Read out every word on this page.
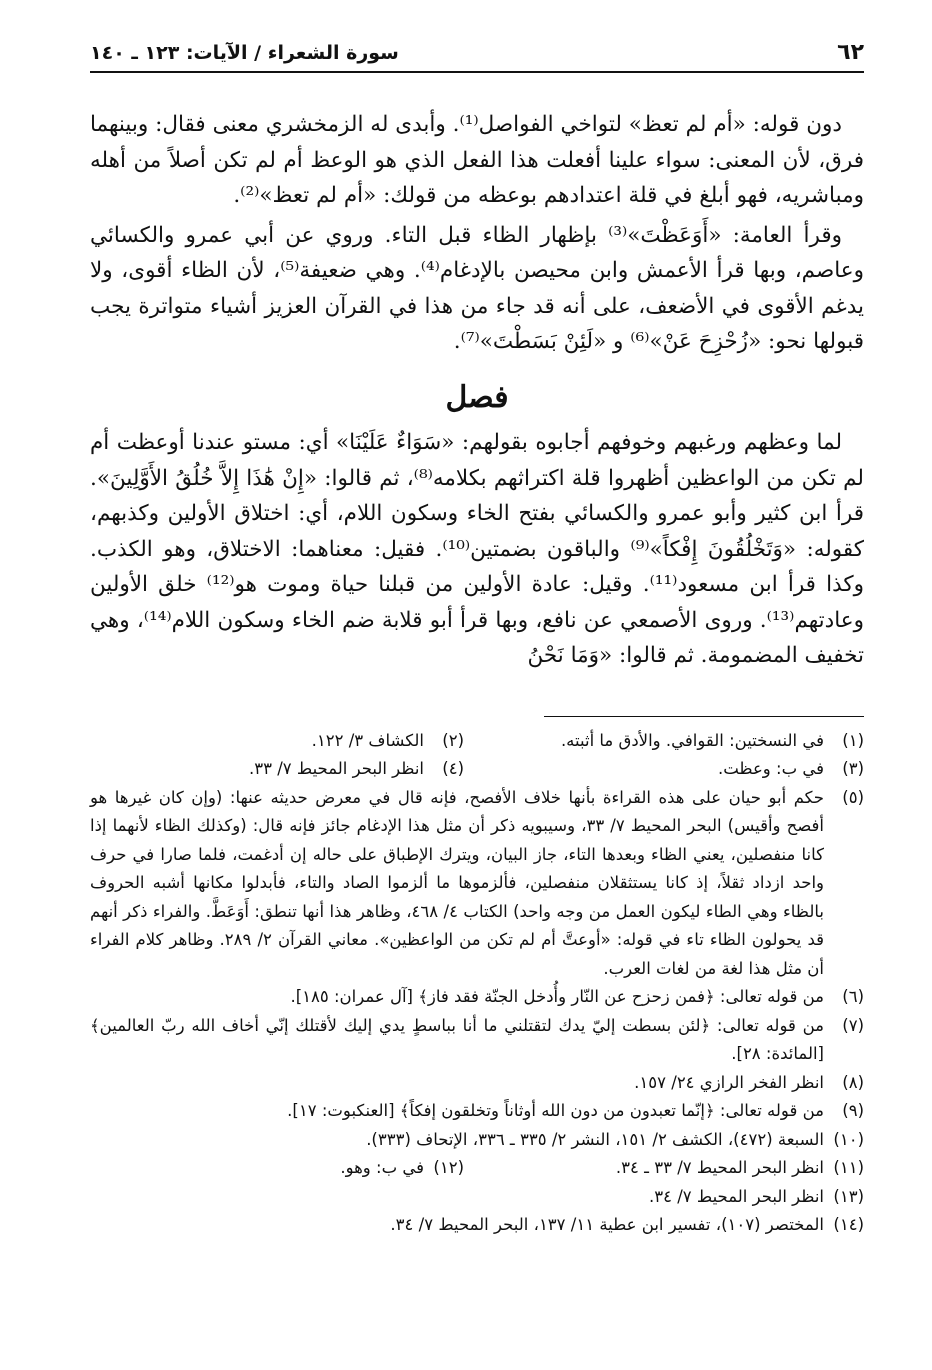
٦٢
سورة الشعراء / الآيات: ١٢٣ ـ ١٤٠

دون قوله: «أم لم تعظ» لتواخي الفواصل⁽¹⁾. وأبدى له الزمخشري معنى فقال: وبينهما فرق، لأن المعنى: سواء علينا أفعلت هذا الفعل الذي هو الوعظ أم لم تكن أصلاً من أهله ومباشريه، فهو أبلغ في قلة اعتدادهم بوعظه من قولك: «أم لم تعظ»⁽²⁾.

وقرأ العامة: «أَوَعَظْتَ»⁽³⁾ بإظهار الظاء قبل التاء. وروي عن أبي عمرو والكسائي وعاصم، وبها قرأ الأعمش وابن محيصن بالإدغام⁽⁴⁾. وهي ضعيفة⁽⁵⁾، لأن الظاء أقوى، ولا يدغم الأقوى في الأضعف، على أنه قد جاء من هذا في القرآن العزيز أشياء متواترة يجب قبولها نحو: «زُحْزِحَ عَنْ»⁽⁶⁾ و «لَئِنْ بَسَطْتَ»⁽⁷⁾.

فصل

لما وعظهم ورغبهم وخوفهم أجابوه بقولهم: «سَوَاءٌ عَلَيْنَا» أي: مستو عندنا أوعظت أم لم تكن من الواعظين أظهروا قلة اكتراثهم بكلامه⁽⁸⁾، ثم قالوا: «إِنْ هَٰذَا إِلاَّ خُلُقُ الأَوَّلِينَ». قرأ ابن كثير وأبو عمرو والكسائي بفتح الخاء وسكون اللام، أي: اختلاق الأولين وكذبهم، كقوله: «وَتَخْلُقُونَ إِفْكاً»⁽⁹⁾ والباقون بضمتين⁽¹⁰⁾. فقيل: معناهما: الاختلاق، وهو الكذب. وكذا قرأ ابن مسعود⁽¹¹⁾. وقيل: عادة الأولين من قبلنا حياة وموت هو⁽¹²⁾ خلق الأولين وعادتهم⁽¹³⁾. وروى الأصمعي عن نافع، وبها قرأ أبو قلابة ضم الخاء وسكون اللام⁽¹⁴⁾، وهي تخفيف المضمومة. ثم قالوا: «وَمَا نَحْنُ

(١)
في النسختين: القوافي. والأدق ما أثبته.
(٢)
الكشاف ٣/ ١٢٢.
(٣)
في ب: وعظت.
(٤)
انظر البحر المحيط ٧/ ٣٣.

(٥)
حكم أبو حيان على هذه القراءة بأنها خلاف الأفصح، فإنه قال في معرض حديثه عنها: (وإن كان غيرها هو أفصح وأقيس) البحر المحيط ٧/ ٣٣، وسيبويه ذكر أن مثل هذا الإدغام جائز فإنه قال: (وكذلك الظاء لأنهما إذا كانا منفصلين، يعني الظاء وبعدها التاء، جاز البيان، ويترك الإطباق على حاله إن أدغمت، فلما صارا في حرف واحد ازداد ثقلاً، إذ كانا يستثقلان منفصلين، فألزموها ما ألزموا الصاد والتاء، فأبدلوا مكانها أشبه الحروف بالظاء وهي الطاء ليكون العمل من وجه واحد) الكتاب ٤/ ٤٦٨، وظاهر هذا أنها تنطق: أَوَعَطَّ. والفراء ذكر أنهم قد يحولون الظاء تاء في قوله: «أوعتَّ أم لم تكن من الواعظين». معاني القرآن ٢/ ٢٨٩. وظاهر كلام الفراء أن مثل هذا لغة من لغات العرب.

(٦)
من قوله تعالى: ﴿فمن زحزح عن النّار وأُدخل الجنّة فقد فاز﴾ [آل عمران: ١٨٥].

(٧)
من قوله تعالى: ﴿لئن بسطت إليّ يدك لتقتلني ما أنا بباسطٍ يدي إليك لأقتلك إنّي أخاف الله ربّ العالمين﴾ [المائدة: ٢٨].

(٨)
انظر الفخر الرازي ٢٤/ ١٥٧.

(٩)
من قوله تعالى: ﴿إنّما تعبدون من دون الله أوثاناً وتخلقون إفكاً﴾ [العنكبوت: ١٧].

(١٠)
السبعة (٤٧٢)، الكشف ٢/ ١٥١، النشر ٢/ ٣٣٥ ـ ٣٣٦، الإتحاف (٣٣٣).

(١١)
انظر البحر المحيط ٧/ ٣٣ ـ ٣٤.
(١٢)
في ب: وهو.

(١٣)
انظر البحر المحيط ٧/ ٣٤.

(١٤)
المختصر (١٠٧)، تفسير ابن عطية ١١/ ١٣٧، البحر المحيط ٧/ ٣٤.
